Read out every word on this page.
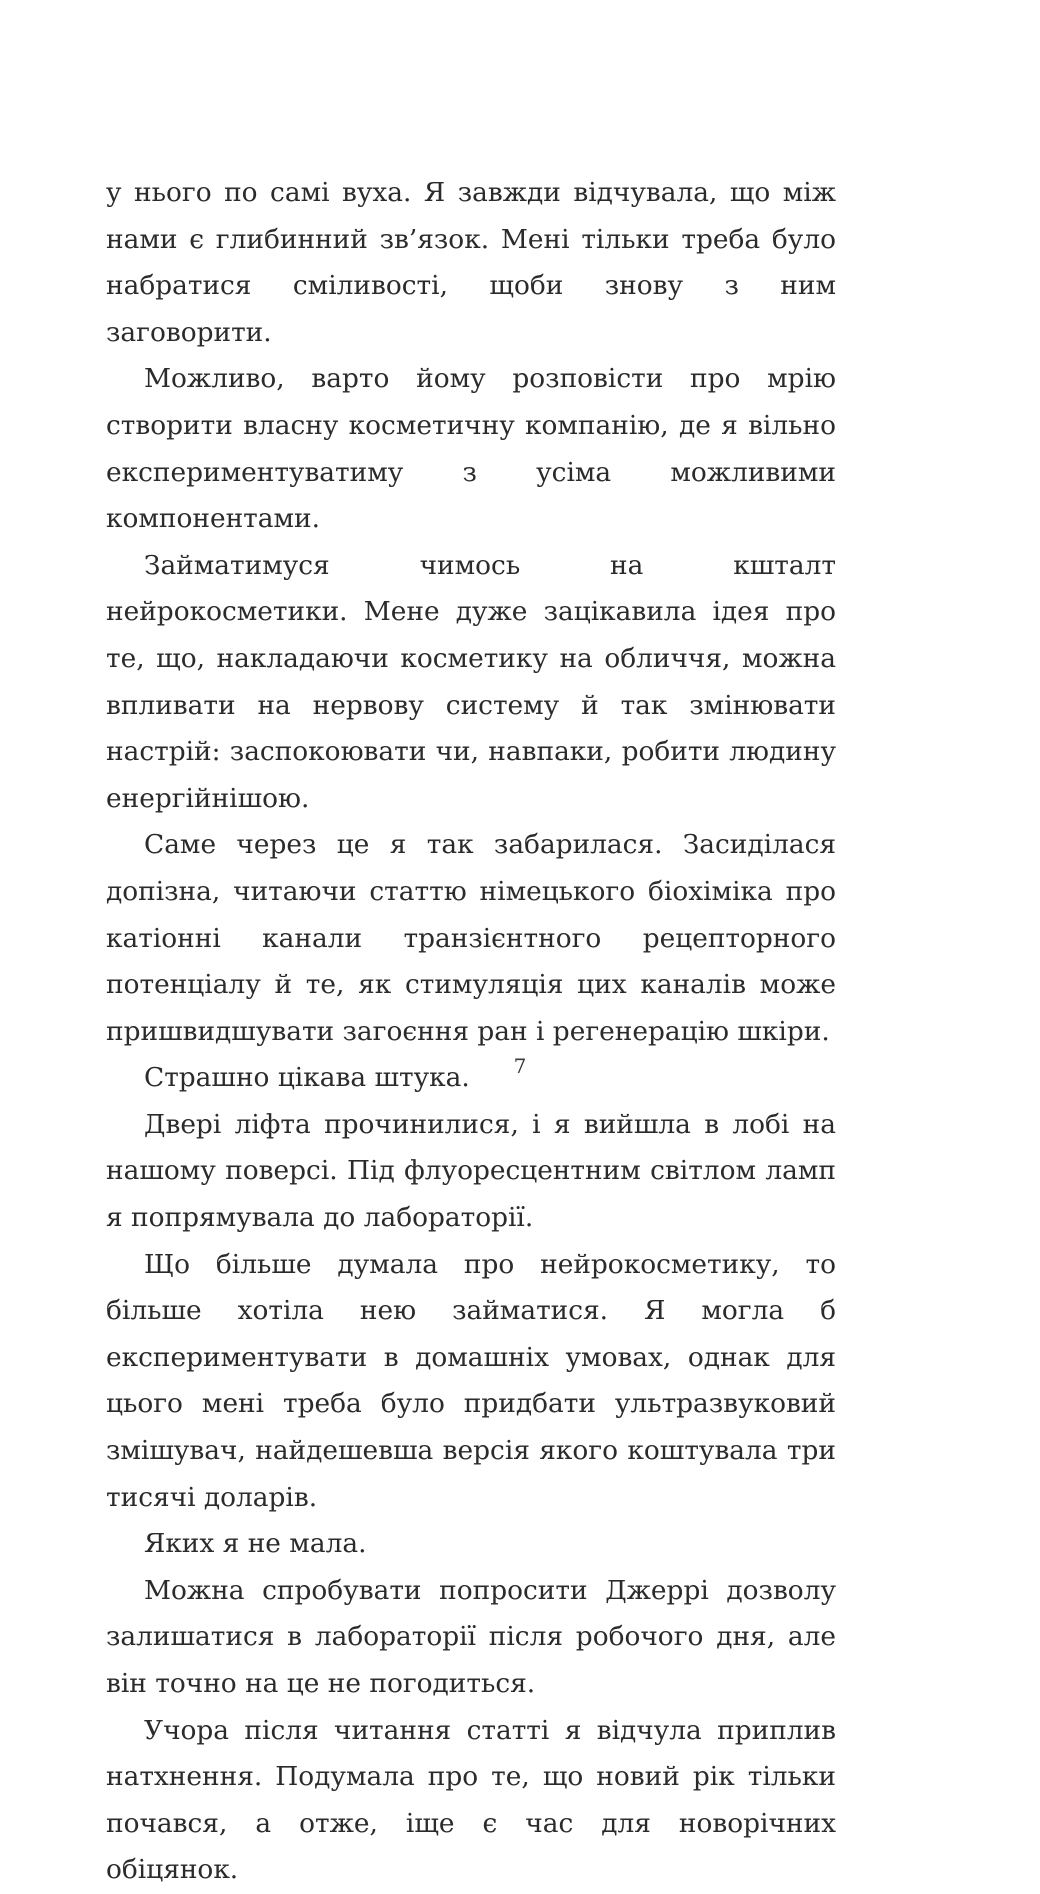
у нього по самі вуха. Я завжди відчувала, що між нами є глибинний зв’язок. Мені тільки треба було набратися сміливості, щоби знову з ним заговорити.

Можливо, варто йому розповісти про мрію створити власну косметичну компанію, де я вільно експериментуватиму з усіма можливими компонентами.

Займатимуся чимось на кшталт нейрокосметики. Мене дуже зацікавила ідея про те, що, накладаючи косметику на обличчя, можна впливати на нервову систему й так змінювати настрій: заспокоювати чи, навпаки, робити людину енергійнішою.

Саме через це я так забарилася. Засиділася допізна, читаючи статтю німецького біохіміка про катіонні канали транзієнтного рецепторного потенціалу й те, як стимуляція цих каналів може пришвидшувати загоєння ран і регенерацію шкіри.

Страшно цікава штука.

Двері ліфта прочинилися, і я вийшла в лобі на нашому поверсі. Під флуоресцентним світлом ламп я попрямувала до лабораторії.

Що більше думала про нейрокосметику, то більше хотіла нею займатися. Я могла б експериментувати в домашніх умовах, однак для цього мені треба було придбати ультразвуковий змішувач, найдешевша версія якого коштувала три тисячі доларів.

Яких я не мала.

Можна спробувати попросити Джеррі дозволу залишатися в лабораторії після робочого дня, але він точно на це не погодиться.

Учора після читання статті я відчула приплив натхнення. Подумала про те, що новий рік тільки почався, а отже, іще є час для новорічних обіцянок.

7
